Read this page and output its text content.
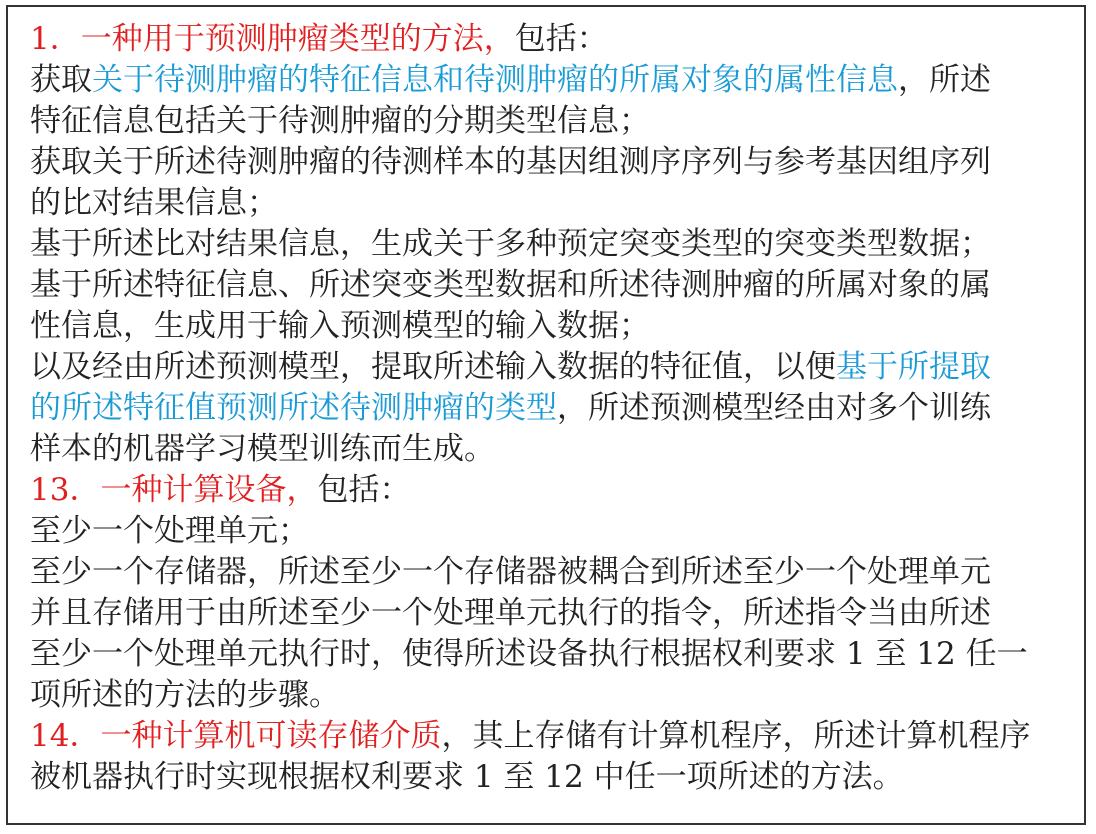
1．一种用于预测肿瘤类型的方法，包括：
获取关于待测肿瘤的特征信息和待测肿瘤的所属对象的属性信息，所述
特征信息包括关于待测肿瘤的分期类型信息；
获取关于所述待测肿瘤的待测样本的基因组测序序列与参考基因组序列
的比对结果信息；
基于所述比对结果信息，生成关于多种预定突变类型的突变类型数据；
基于所述特征信息、所述突变类型数据和所述待测肿瘤的所属对象的属
性信息，生成用于输入预测模型的输入数据；
以及经由所述预测模型，提取所述输入数据的特征值，以便基于所提取
的所述特征值预测所述待测肿瘤的类型，所述预测模型经由对多个训练
样本的机器学习模型训练而生成。
13．一种计算设备，包括：
至少一个处理单元；
至少一个存储器，所述至少一个存储器被耦合到所述至少一个处理单元
并且存储用于由所述至少一个处理单元执行的指令，所述指令当由所述
至少一个处理单元执行时，使得所述设备执行根据权利要求 1 至 12 任一
项所述的方法的步骤。
14．一种计算机可读存储介质，其上存储有计算机程序，所述计算机程序
被机器执行时实现根据权利要求 1 至 12 中任一项所述的方法。
